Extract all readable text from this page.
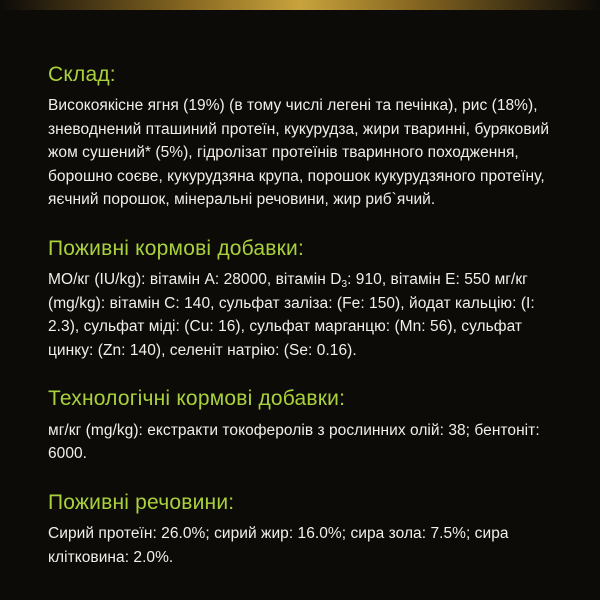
Склад:

Високоякісне ягня (19%) (в тому числі легені та печінка), рис (18%), зневоднений пташиний протеїн, кукурудза, жири тваринні, буряковий жом сушений* (5%), гідролізат протеїнів тваринного походження, борошно соєве, кукурудзяна крупа, порошок кукурудзяного протеїну, яєчний порошок, мінеральні речовини, жир риб`ячий.

Поживні кормові добавки:

МО/кг (IU/kg): вітамін A: 28000, вітамін $D_3$: 910, вітамін E: 550 мг/кг (mg/kg): вітамін C: 140, сульфат заліза: (Fe: 150), йодат кальцію: (I: 2.3), сульфат міді: (Cu: 16), сульфат марганцю: (Mn: 56), сульфат цинку: (Zn: 140), селеніт натрію: (Se: 0.16).

Технологічні кормові добавки:

мг/кг (mg/kg): екстракти токоферолів з рослинних олій: 38; бентоніт: 6000.

Поживні речовини:

Сирий протеїн: 26.0%; сирий жир: 16.0%; сира зола: 7.5%; сира клітковина: 2.0%.
